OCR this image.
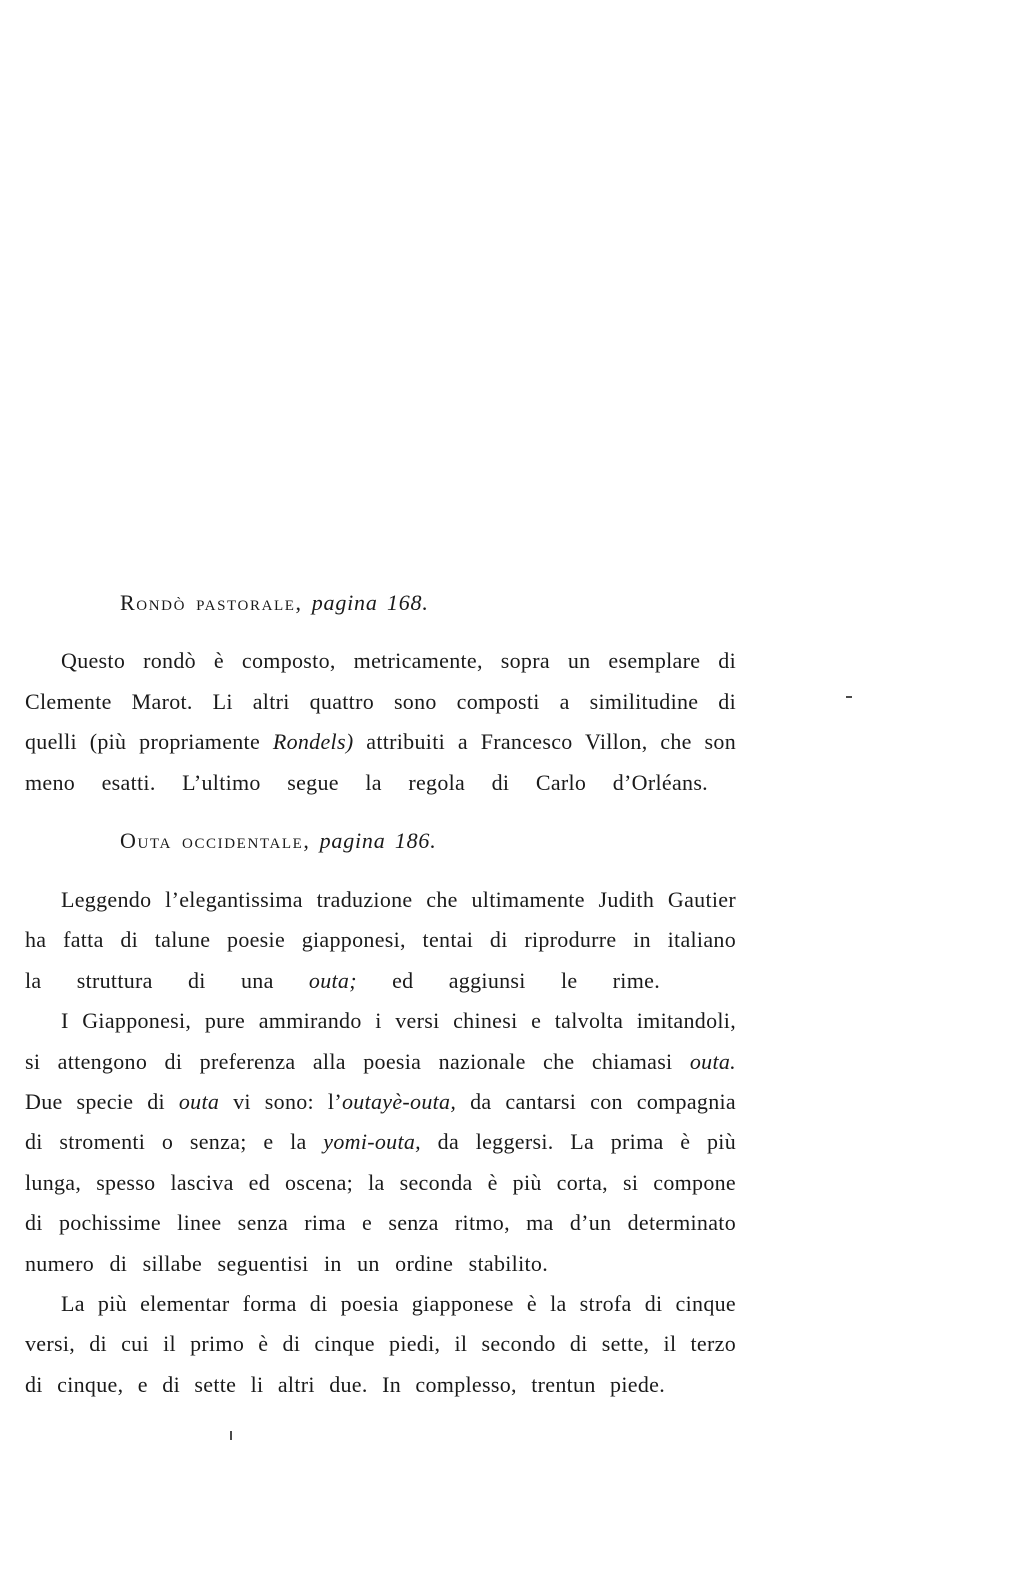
Rondò pastorale, pagina 168.
Questo rondò è composto, metricamente, sopra un esemplare di
Clemente Marot. Li altri quattro sono composti a similitudine di
quelli (più propriamente Rondels) attribuiti a Francesco Villon, che son
meno esatti. L’ultimo segue la regola di Carlo d’Orléans.
Outa occidentale, pagina 186.
Leggendo l’elegantissima traduzione che ultimamente Judith Gautier
ha fatta di talune poesie giapponesi, tentai di riprodurre in italiano
la struttura di una outa; ed aggiunsi le rime.
I Giapponesi, pure ammirando i versi chinesi e talvolta imitandoli,
si attengono di preferenza alla poesia nazionale che chiamasi outa.
Due specie di outa vi sono: l’outayè-outa, da cantarsi con compagnia
di stromenti o senza; e la yomi-outa, da leggersi. La prima è più
lunga, spesso lasciva ed oscena; la seconda è più corta, si compone
di pochissime linee senza rima e senza ritmo, ma d’un determinato
numero di sillabe seguentisi in un ordine stabilito.
La più elementar forma di poesia giapponese è la strofa di cinque
versi, di cui il primo è di cinque piedi, il secondo di sette, il terzo
di cinque, e di sette li altri due. In complesso, trentun piede.
